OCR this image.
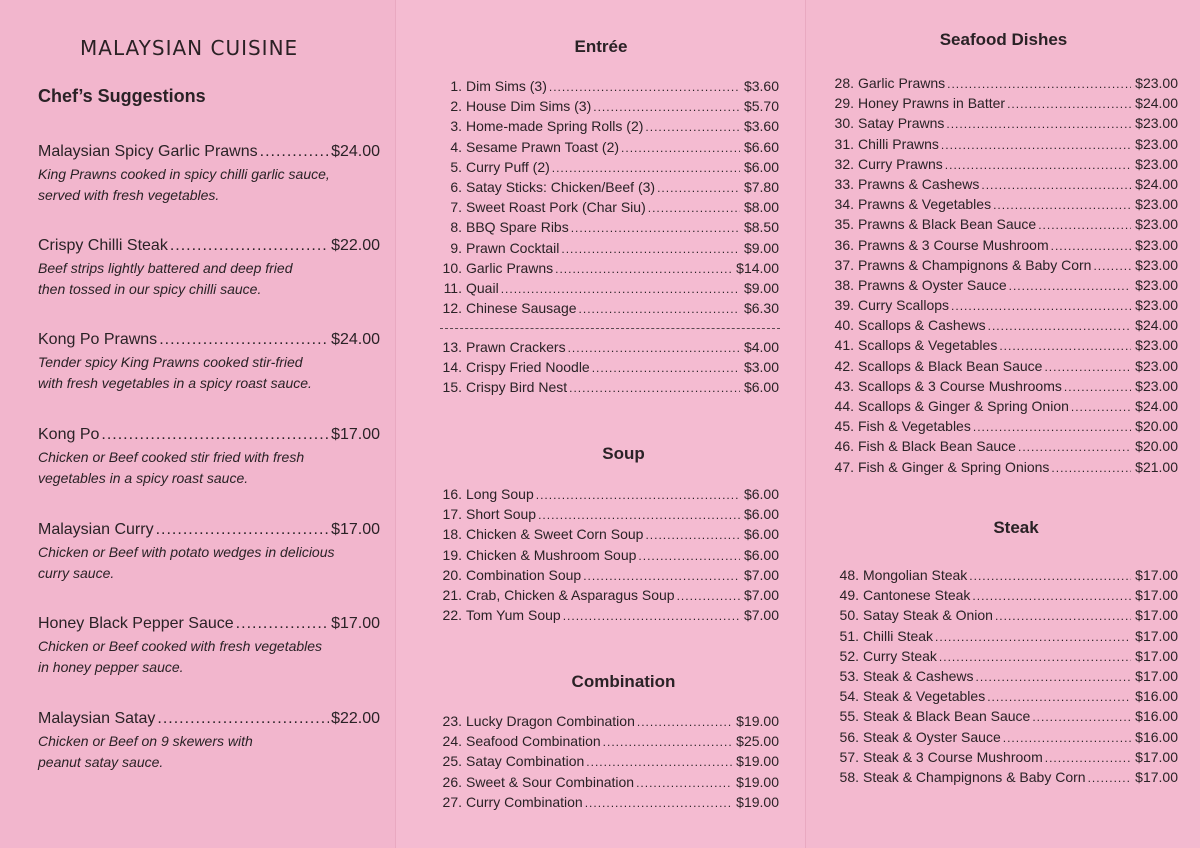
MALAYSIAN CUISINE
Chef’s Suggestions
Malaysian Spicy Garlic Prawns .....	$24.00
King Prawns cooked in spicy chilli garlic sauce,
served with fresh vegetables.
Crispy Chilli Steak .....	$22.00
Beef strips lightly battered and deep fried
then tossed in our spicy chilli sauce.
Kong Po Prawns .....	$24.00
Tender spicy King Prawns cooked stir-fried
with fresh vegetables in a spicy roast sauce.
Kong Po .....	$17.00
Chicken or Beef cooked stir fried with fresh
vegetables in a spicy roast sauce.
Malaysian Curry .....	$17.00
Chicken or Beef with potato wedges in delicious
curry sauce.
Honey Black Pepper Sauce .....	$17.00
Chicken or Beef cooked with fresh vegetables
in honey pepper sauce.
Malaysian Satay .....	$22.00
Chicken or Beef on 9 skewers with
peanut satay sauce.
Entrée
1. Dim Sims (3) .....	$3.60
2. House Dim Sims (3) .....	$5.70
3. Home-made Spring Rolls (2) .....	$3.60
4. Sesame Prawn Toast (2) .....	$6.60
5. Curry Puff (2) .....	$6.00
6. Satay Sticks: Chicken/Beef (3) .....	$7.80
7. Sweet Roast Pork (Char Siu) .....	$8.00
8. BBQ Spare Ribs .....	$8.50
9. Prawn Cocktail .....	$9.00
10. Garlic Prawns .....	$14.00
11. Quail .....	$9.00
12. Chinese Sausage .....	$6.30
13. Prawn Crackers .....	$4.00
14. Crispy Fried Noodle .....	$3.00
15. Crispy Bird Nest .....	$6.00
Soup
16. Long Soup .....	$6.00
17. Short Soup .....	$6.00
18. Chicken & Sweet Corn Soup .....	$6.00
19. Chicken & Mushroom Soup .....	$6.00
20. Combination Soup .....	$7.00
21. Crab, Chicken & Asparagus Soup .....	$7.00
22. Tom Yum Soup .....	$7.00
Combination
23. Lucky Dragon Combination .....	$19.00
24. Seafood Combination .....	$25.00
25. Satay Combination .....	$19.00
26. Sweet & Sour Combination .....	$19.00
27. Curry Combination .....	$19.00
Seafood Dishes
28. Garlic Prawns .....	$23.00
29. Honey Prawns in Batter .....	$24.00
30. Satay Prawns .....	$23.00
31. Chilli Prawns .....	$23.00
32. Curry Prawns .....	$23.00
33. Prawns & Cashews .....	$24.00
34. Prawns & Vegetables .....	$23.00
35. Prawns & Black Bean Sauce .....	$23.00
36. Prawns & 3 Course Mushroom .....	$23.00
37. Prawns & Champignons & Baby Corn .....	$23.00
38. Prawns & Oyster Sauce .....	$23.00
39. Curry Scallops .....	$23.00
40. Scallops & Cashews .....	$24.00
41. Scallops & Vegetables .....	$23.00
42. Scallops & Black Bean Sauce .....	$23.00
43. Scallops & 3 Course Mushrooms .....	$23.00
44. Scallops & Ginger & Spring Onion .....	$24.00
45. Fish & Vegetables .....	$20.00
46. Fish & Black Bean Sauce .....	$20.00
47. Fish & Ginger & Spring Onions .....	$21.00
Steak
48. Mongolian Steak .....	$17.00
49. Cantonese Steak .....	$17.00
50. Satay Steak & Onion .....	$17.00
51. Chilli Steak .....	$17.00
52. Curry Steak .....	$17.00
53. Steak & Cashews .....	$17.00
54. Steak & Vegetables .....	$16.00
55. Steak & Black Bean Sauce .....	$16.00
56. Steak & Oyster Sauce .....	$16.00
57. Steak & 3 Course Mushroom .....	$17.00
58. Steak & Champignons & Baby Corn .....	$17.00
